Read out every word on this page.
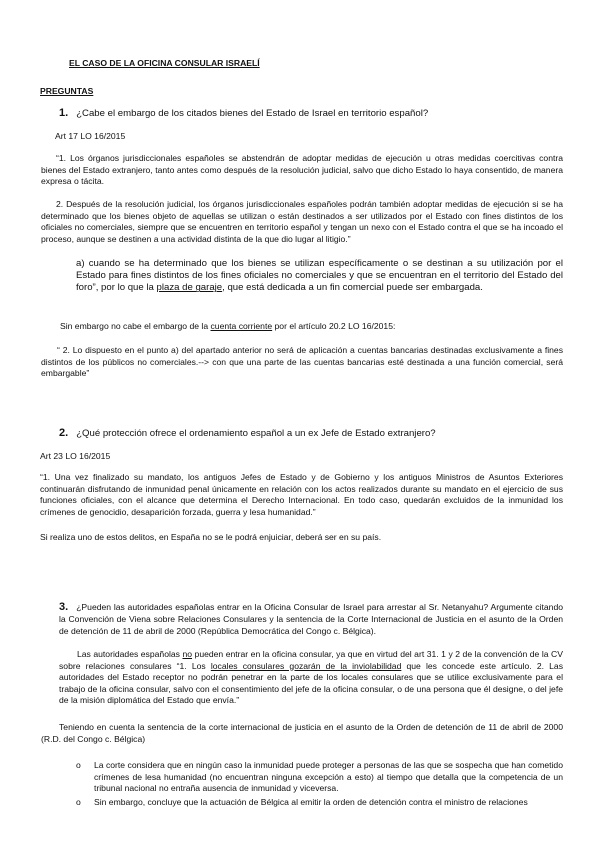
EL CASO DE LA OFICINA CONSULAR ISRAELÍ

PREGUNTAS

1. ¿Cabe el embargo de los citados bienes del Estado de Israel en territorio español?

Art 17 LO 16/2015

“1. Los órganos jurisdiccionales españoles se abstendrán de adoptar medidas de ejecución u otras medidas coercitivas contra bienes del Estado extranjero, tanto antes como después de la resolución judicial, salvo que dicho Estado lo haya consentido, de manera expresa o tácita.

2. Después de la resolución judicial, los órganos jurisdiccionales españoles podrán también adoptar medidas de ejecución si se ha determinado que los bienes objeto de aquellas se utilizan o están destinados a ser utilizados por el Estado con fines distintos de los oficiales no comerciales, siempre que se encuentren en territorio español y tengan un nexo con el Estado contra el que se ha incoado el proceso, aunque se destinen a una actividad distinta de la que dio lugar al litigio.”

a) cuando se ha determinado que los bienes se utilizan específicamente o se destinan a su utilización por el Estado para fines distintos de los fines oficiales no comerciales y que se encuentran en el territorio del Estado del foro”, por lo que la plaza de garaje, que está dedicada a un fin comercial puede ser embargada.

Sin embargo no cabe el embargo de la cuenta corriente por el artículo 20.2 LO 16/2015:

“ 2. Lo dispuesto en el punto a) del apartado anterior no será de aplicación a cuentas bancarias destinadas exclusivamente a fines distintos de los públicos no comerciales.--> con que una parte de las cuentas bancarias esté destinada a una función comercial, será embargable”

2. ¿Qué protección ofrece el ordenamiento español a un ex Jefe de Estado extranjero?

Art 23 LO 16/2015

“1. Una vez finalizado su mandato, los antiguos Jefes de Estado y de Gobierno y los antiguos Ministros de Asuntos Exteriores continuarán disfrutando de inmunidad penal únicamente en relación con los actos realizados durante su mandato en el ejercicio de sus funciones oficiales, con el alcance que determina el Derecho Internacional. En todo caso, quedarán excluidos de la inmunidad los crímenes de genocidio, desaparición forzada, guerra y lesa humanidad.”

Si realiza uno de estos delitos, en España no se le podrá enjuiciar, deberá ser en su país.

3. ¿Pueden las autoridades españolas entrar en la Oficina Consular de Israel para arrestar al Sr. Netanyahu? Argumente citando la Convención de Viena sobre Relaciones Consulares y la sentencia de la Corte Internacional de Justicia en el asunto de la Orden de detención de 11 de abril de 2000 (República Democrática del Congo c. Bélgica).

Las autoridades españolas no pueden entrar en la oficina consular, ya que en virtud del art 31. 1 y 2 de la convención de la CV sobre relaciones consulares “1. Los locales consulares gozarán de la inviolabilidad que les concede este artículo. 2. Las autoridades del Estado receptor no podrán penetrar en la parte de los locales consulares que se utilice exclusivamente para el trabajo de la oficina consular, salvo con el consentimiento del jefe de la oficina consular, o de una persona que él designe, o del jefe de la misión diplomática del Estado que envía.”

Teniendo en cuenta la sentencia de la corte internacional de justicia en el asunto de la Orden de detención de 11 de abril de 2000 (R.D. del Congo c. Bélgica)

o La corte considera que en ningún caso la inmunidad puede proteger a personas de las que se sospecha que han cometido crímenes de lesa humanidad (no encuentran ninguna excepción a esto) al tiempo que detalla que la competencia de un tribunal nacional no entraña ausencia de inmunidad y viceversa.

o Sin embargo, concluye que la actuación de Bélgica al emitir la orden de detención contra el ministro de relaciones
